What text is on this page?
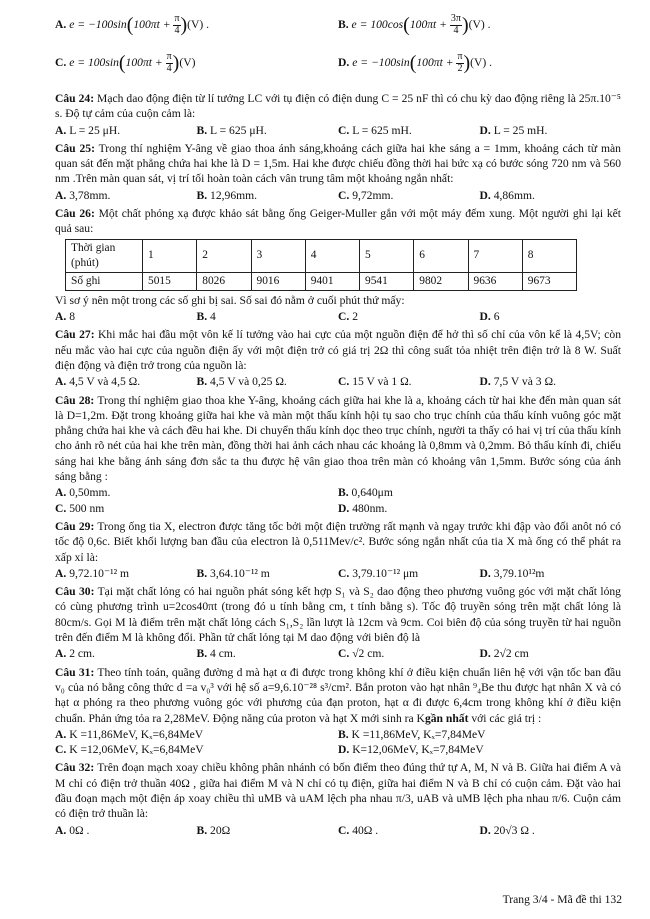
A. $e = -100\sin(100\pi t + \frac{\pi}{4} )(V)$ .	B. $e = 100\cos(100\pi t + \frac{3\pi}{4} )(V)$ .
C. $e = 100\sin(100\pi t + \frac{\pi}{4} )(V)$	D. $e = -100\sin(100\pi t + \frac{\pi}{2} )(V)$ .

Câu 24: Mạch dao động điện từ lí tưởng LC với tụ điện có điện dung C = 25 nF thì có chu kỳ dao động riêng là 25π.10⁻⁵ s. Độ tự cảm của cuộn cảm là:

A. L = 25 μH.	B. L = 625 μH.	C. L = 625 mH.	D. L = 25 mH.

Câu 25: Trong thí nghiệm Y-âng về giao thoa ánh sáng,khoảng cách giữa hai khe sáng a = 1mm, khoảng cách từ màn quan sát đến mặt phẳng chứa hai khe là D = 1,5m. Hai khe được chiếu đồng thời hai bức xạ có bước sóng 720 nm và 560 nm .Trên màn quan sát, vị trí tối hoàn toàn cách vân trung tâm một khoảng ngắn nhất:

A. 3,78mm.	B. 12,96mm.	C. 9,72mm.	D. 4,86mm.

Câu 26: Một chất phóng xạ được khảo sát bằng ống Geiger-Muller gắn với một máy đếm xung. Một người ghi lại kết quả sau:

Thời gian
(phút)	1	2	3	4	5	6	7	8
Số ghi	5015	8026	9016	9401	9541	9802	9636	9673

Vì sơ ý nên một trong các số ghi bị sai. Số sai đó nằm ở cuối phút thứ mấy:

A. 8	B. 4	C. 2	D. 6

Câu 27: Khi mắc hai đầu một vôn kế lí tưởng vào hai cực của một nguồn điện để hở thì số chỉ của vôn kế là 4,5V; còn nếu mắc vào hai cực của nguồn điện ấy với một điện trở có giá trị 2Ω thì công suất tỏa nhiệt trên điện trở là 8 W. Suất điện động và điện trở trong của nguồn là:

A. 4,5 V và 4,5 Ω.	B. 4,5 V và 0,25 Ω.	C. 15 V và 1 Ω.	D. 7,5 V và 3 Ω.

Câu 28: Trong thí nghiệm giao thoa khe Y-âng, khoảng cách giữa hai khe là a, khoảng cách từ hai khe đến màn quan sát là D=1,2m. Đặt trong khoảng giữa hai khe và màn một thấu kính hội tụ sao cho trục chính của thấu kính vuông góc mặt phẳng chứa hai khe và cách đều hai khe. Di chuyển thấu kính dọc theo trục chính, người ta thấy có hai vị trí của thấu kính cho ảnh rõ nét của hai khe trên màn, đồng thời hai ảnh cách nhau các khoảng là 0,8mm và 0,2mm. Bỏ thấu kính đi, chiếu sáng hai khe bằng ánh sáng đơn sắc ta thu được hệ vân giao thoa trên màn có khoảng vân 1,5mm. Bước sóng của ánh sáng bằng :

A. 0,50mm.	B. 0,640μm
C. 500 nm	D. 480nm.

Câu 29: Trong ống tia X, electron được tăng tốc bởi một điện trường rất mạnh và ngay trước khi đập vào đối anôt nó có tốc độ 0,6c. Biết khối lượng ban đầu của electron là 0,511Mev/c². Bước sóng ngắn nhất của tia X mà ống có thể phát ra xấp xỉ là:

A. 9,72.10⁻¹² m	B. 3,64.10⁻¹² m	C. 3,79.10⁻¹² μm	D. 3,79.10¹²m

Câu 30: Tại mặt chất lỏng có hai nguồn phát sóng kết hợp S₁ và S₂ dao động theo phương vuông góc với mặt chất lỏng có cùng phương trình u=2cos40πt (trong đó u tính bằng cm, t tính bằng s). Tốc độ truyền sóng trên mặt chất lỏng là 80cm/s. Gọi M là điểm trên mặt chất lỏng cách S₁,S₂ lần lượt là 12cm và 9cm. Coi biên độ của sóng truyền từ hai nguồn trên đến điểm M là không đổi. Phần tử chất lỏng tại M dao động với biên độ là

A. 2 cm.	B. 4 cm.	C. √2 cm.	D. 2√2 cm

Câu 31: Theo tính toán, quãng đường d mà hạt α đi được trong không khí ở điều kiện chuẩn liên hệ với vận tốc ban đầu v₀ của nó bằng công thức d =a v₀³ với hệ số a=9,6.10⁻²⁸ s³/cm². Bắn proton vào hạt nhân ⁹₄Be thu được hạt nhân X và có hạt α phóng ra theo phương vuông góc với phương của đạn proton, hạt α đi được 6,4cm trong không khí ở điều kiện chuẩn. Phản ứng tỏa ra 2,28MeV. Động năng của proton và hạt X mới sinh ra Kgần nhất với các giá trị :

A. K =11,86MeV, Kₓ=6,84MeV	B. K =11,86MeV, Kₓ=7,84MeV
C. K =12,06MeV, Kₓ=6,84MeV	D. K=12,06MeV, Kₓ=7,84MeV

Câu 32: Trên đoạn mạch xoay chiều không phân nhánh có bốn điểm theo đúng thứ tự A, M, N và B. Giữa hai điểm A và M chỉ có điện trở thuần 40Ω , giữa hai điểm M và N chỉ có tụ điện, giữa hai điểm N và B chỉ có cuộn cảm. Đặt vào hai đầu đoạn mạch một điện áp xoay chiều thì uMB và uAM lệch pha nhau π/3, uAB và uMB lệch pha nhau π/6. Cuộn cảm có điện trở thuần là:

A. 0Ω .	B. 20Ω	C. 40Ω .	D. 20√3 Ω .
Trang 3/4 - Mã đề thi 132
